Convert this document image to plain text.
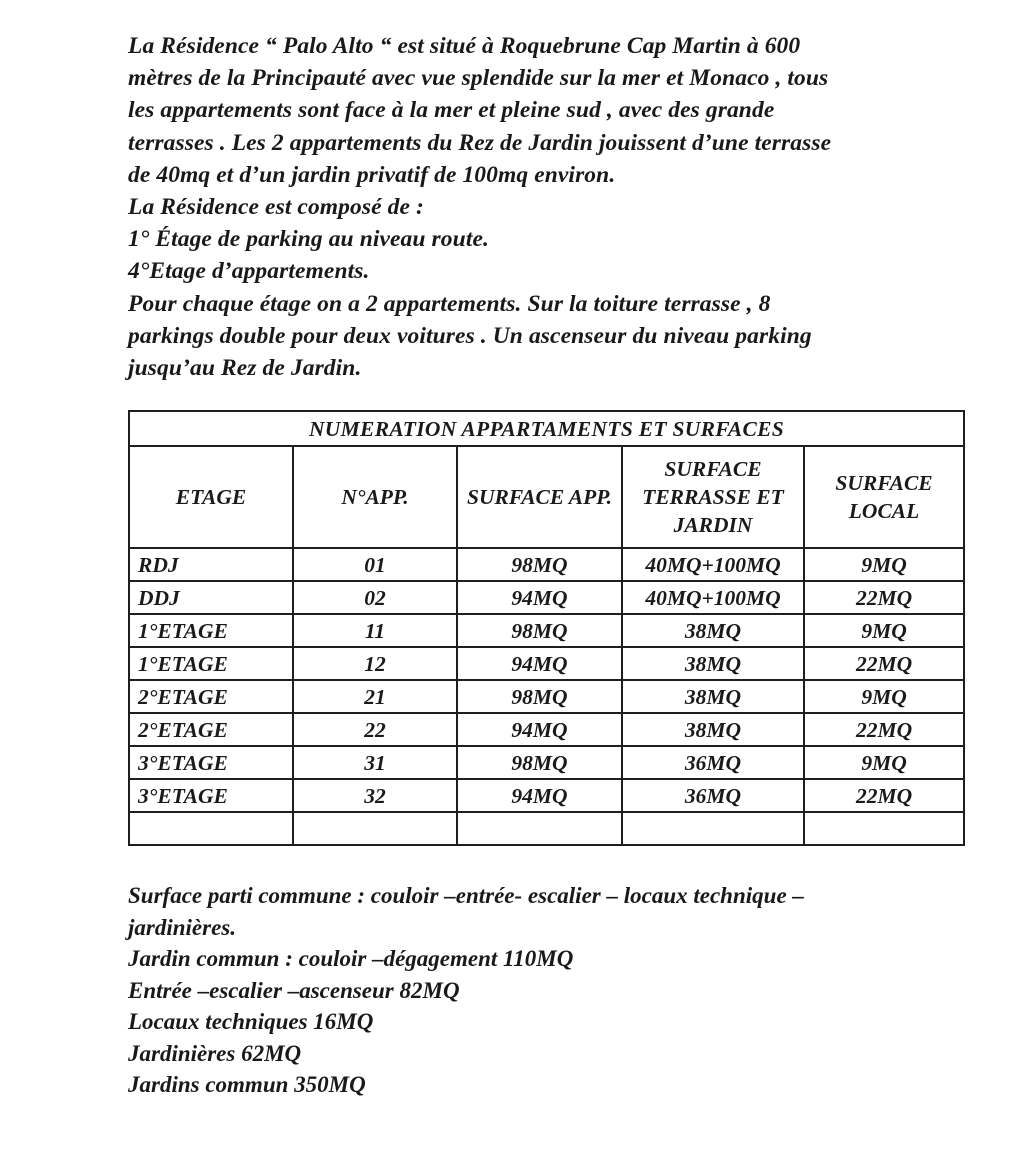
La Résidence “ Palo Alto “ est situé à Roquebrune Cap Martin à 600

mètres de la Principauté avec vue splendide sur la mer et Monaco , tous

les appartements sont face à la mer et pleine sud , avec des grande

terrasses . Les 2 appartements du Rez de Jardin jouissent d’une terrasse

de 40mq et d’un jardin privatif de 100mq environ.

La Résidence est composé de :

1° Étage de parking au niveau route.

4°Etage d’appartements.

Pour chaque étage on a 2 appartements. Sur la toiture terrasse , 8

parkings double pour deux voitures . Un ascenseur du niveau parking

jusqu’au Rez de Jardin.

NUMERATION APPARTAMENTS ET SURFACES				
ETAGE	N°APP.	SURFACE APP.	SURFACE TERRASSE ET JARDIN	SURFACE LOCAL
RDJ	01	98MQ	40MQ+100MQ	9MQ
DDJ	02	94MQ	40MQ+100MQ	22MQ
1°ETAGE	11	98MQ	38MQ	9MQ
1°ETAGE	12	94MQ	38MQ	22MQ
2°ETAGE	21	98MQ	38MQ	9MQ
2°ETAGE	22	94MQ	38MQ	22MQ
3°ETAGE	31	98MQ	36MQ	9MQ
3°ETAGE	32	94MQ	36MQ	22MQ

Surface parti commune : couloir –entrée- escalier – locaux technique –

jardinières.

Jardin commun : couloir –dégagement 110MQ

Entrée –escalier –ascenseur 82MQ

Locaux techniques 16MQ

Jardinières 62MQ

Jardins commun 350MQ
